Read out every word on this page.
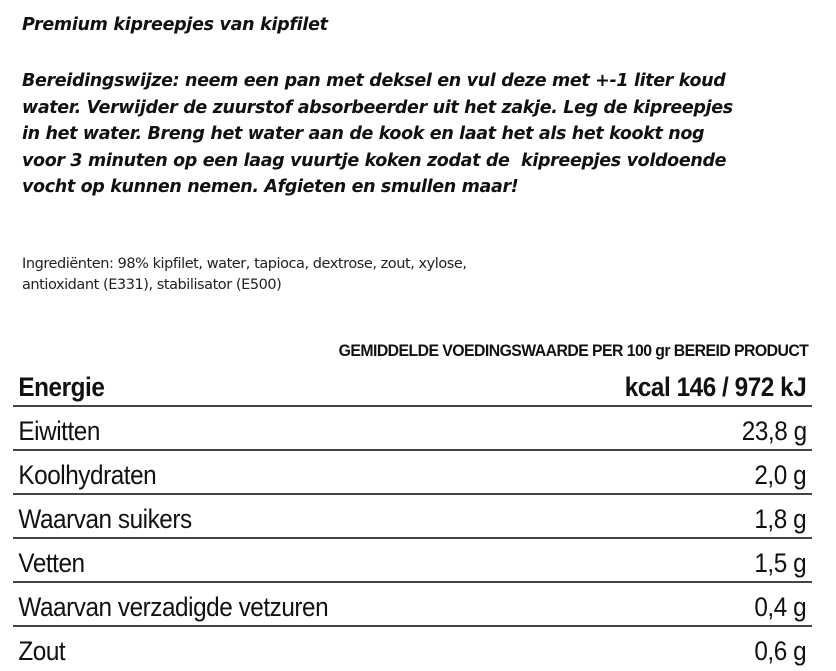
Premium kipreepjes van kipfilet
Bereidingswijze: neem een pan met deksel en vul deze met +-1 liter koud
water. Verwijder de zuurstof absorbeerder uit het zakje. Leg de kipreepjes
in het water. Breng het water aan de kook en laat het als het kookt nog
voor 3 minuten op een laag vuurtje koken zodat de  kipreepjes voldoende
vocht op kunnen nemen. Afgieten en smullen maar!
Ingrediënten: 98% kipfilet, water, tapioca, dextrose, zout, xylose,
antioxidant (E331), stabilisator (E500)
GEMIDDELDE VOEDINGSWAARDE PER 100 gr BEREID PRODUCT
Energie	kcal 146 / 972 kJ
Eiwitten	23,8 g
Koolhydraten	2,0 g
Waarvan suikers	1,8 g
Vetten	1,5 g
Waarvan verzadigde vetzuren	0,4 g
Zout	0,6 g
